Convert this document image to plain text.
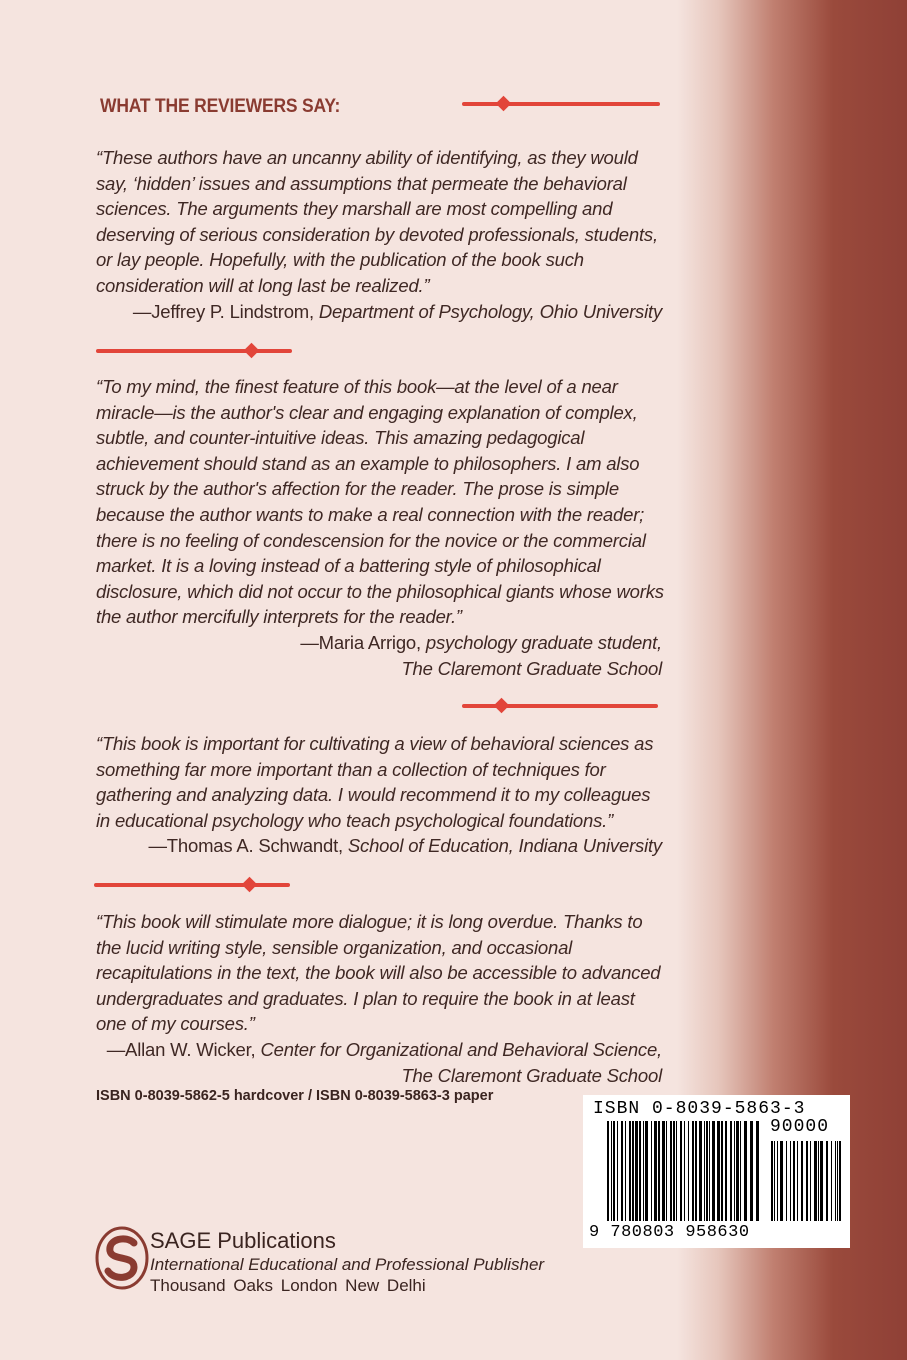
WHAT THE REVIEWERS SAY:

“These authors have an uncanny ability of identifying, as they would say, ‘hidden’ issues and assumptions that permeate the behavioral sciences. The arguments they marshall are most compelling and deserving of serious consideration by devoted professionals, students, or lay people. Hopefully, with the publication of the book such consideration will at long last be realized.”

—Jeffrey P. Lindstrom, Department of Psychology, Ohio University

“To my mind, the finest feature of this book—at the level of a near miracle—is the author's clear and engaging explanation of complex, subtle, and counter-intuitive ideas. This amazing pedagogical achievement should stand as an example to philosophers. I am also struck by the author's affection for the reader. The prose is simple because the author wants to make a real connection with the reader; there is no feeling of condescension for the novice or the commercial market. It is a loving instead of a battering style of philosophical disclosure, which did not occur to the philosophical giants whose works the author mercifully interprets for the reader.”

—Maria Arrigo, psychology graduate student,
The Claremont Graduate School

“This book is important for cultivating a view of behavioral sciences as something far more important than a collection of techniques for gathering and analyzing data. I would recommend it to my colleagues in educational psychology who teach psychological foundations.”

—Thomas A. Schwandt, School of Education, Indiana University

“This book will stimulate more dialogue; it is long overdue. Thanks to the lucid writing style, sensible organization, and occasional recapitulations in the text, the book will also be accessible to advanced undergraduates and graduates. I plan to require the book in at least one of my courses.”

—Allan W. Wicker, Center for Organizational and Behavioral Science,
The Claremont Graduate School
ISBN 0-8039-5862-5 hardcover / ISBN 0-8039-5863-3 paper
ISBN 0-8039-5863-3
90000
9 780803 958630
SAGE Publications
International Educational and Professional Publisher
Thousand Oaks London New Delhi
